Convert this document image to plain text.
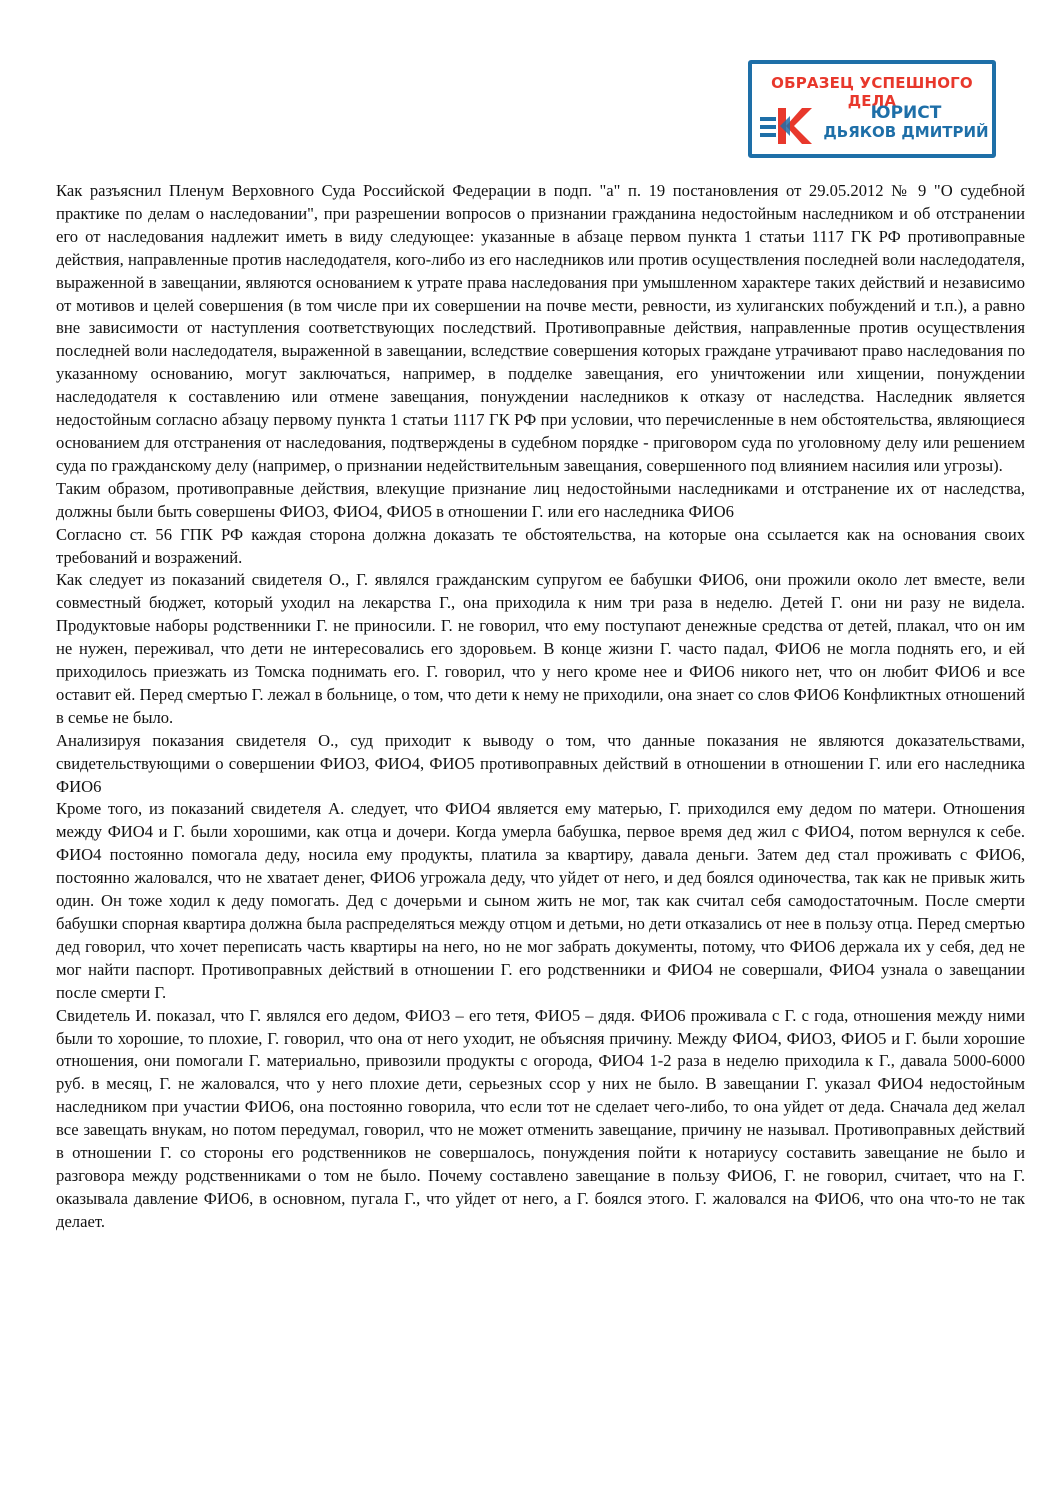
ОБРАЗЕЦ УСПЕШНОГО ДЕЛА
ЮРИСТ
ДЬЯКОВ ДМИТРИЙ

Как разъяснил Пленум Верховного Суда Российской Федерации в подп. "а" п. 19 постановления от 29.05.2012 № 9 "О судебной практике по делам о наследовании", при разрешении вопросов о признании гражданина недостойным наследником и об отстранении его от наследования надлежит иметь в виду следующее: указанные в абзаце первом пункта 1 статьи 1117 ГК РФ противоправные действия, направленные против наследодателя, кого-либо из его наследников или против осуществления последней воли наследодателя, выраженной в завещании, являются основанием к утрате права наследования при умышленном характере таких действий и независимо от мотивов и целей совершения (в том числе при их совершении на почве мести, ревности, из хулиганских побуждений и т.п.), а равно вне зависимости от наступления соответствующих последствий. Противоправные действия, направленные против осуществления последней воли наследодателя, выраженной в завещании, вследствие совершения которых граждане утрачивают право наследования по указанному основанию, могут заключаться, например, в подделке завещания, его уничтожении или хищении, понуждении наследодателя к составлению или отмене завещания, понуждении наследников к отказу от наследства. Наследник является недостойным согласно абзацу первому пункта 1 статьи 1117 ГК РФ при условии, что перечисленные в нем обстоятельства, являющиеся основанием для отстранения от наследования, подтверждены в судебном порядке - приговором суда по уголовному делу или решением суда по гражданскому делу (например, о признании недействительным завещания, совершенного под влиянием насилия или угрозы).

Таким образом, противоправные действия, влекущие признание лиц недостойными наследниками и отстранение их от наследства, должны были быть совершены ФИО3, ФИО4, ФИО5 в отношении Г. или его наследника ФИО6

Согласно ст. 56 ГПК РФ каждая сторона должна доказать те обстоятельства, на которые она ссылается как на основания своих требований и возражений.

Как следует из показаний свидетеля О., Г. являлся гражданским супругом ее бабушки ФИО6, они прожили около лет вместе, вели совместный бюджет, который уходил на лекарства Г., она приходила к ним три раза в неделю. Детей Г. они ни разу не видела. Продуктовые наборы родственники Г. не приносили. Г. не говорил, что ему поступают денежные средства от детей, плакал, что он им не нужен, переживал, что дети не интересовались его здоровьем. В конце жизни Г. часто падал, ФИО6 не могла поднять его, и ей приходилось приезжать из Томска поднимать его. Г. говорил, что у него кроме нее и ФИО6 никого нет, что он любит ФИО6 и все оставит ей. Перед смертью Г. лежал в больнице, о том, что дети к нему не приходили, она знает со слов ФИО6 Конфликтных отношений в семье не было.

Анализируя показания свидетеля О., суд приходит к выводу о том, что данные показания не являются доказательствами, свидетельствующими о совершении ФИО3, ФИО4, ФИО5 противоправных действий в отношении в отношении Г. или его наследника ФИО6

Кроме того, из показаний свидетеля А. следует, что ФИО4 является ему матерью, Г. приходился ему дедом по матери. Отношения между ФИО4 и Г. были хорошими, как отца и дочери. Когда умерла бабушка, первое время дед жил с ФИО4, потом вернулся к себе. ФИО4 постоянно помогала деду, носила ему продукты, платила за квартиру, давала деньги. Затем дед стал проживать с ФИО6, постоянно жаловался, что не хватает денег, ФИО6 угрожала деду, что уйдет от него, и дед боялся одиночества, так как не привык жить один. Он тоже ходил к деду помогать. Дед с дочерьми и сыном жить не мог, так как считал себя самодостаточным. После смерти бабушки спорная квартира должна была распределяться между отцом и детьми, но дети отказались от нее в пользу отца. Перед смертью дед говорил, что хочет переписать часть квартиры на него, но не мог забрать документы, потому, что ФИО6 держала их у себя, дед не мог найти паспорт. Противоправных действий в отношении Г. его родственники и ФИО4 не совершали, ФИО4 узнала о завещании после смерти Г.

Свидетель И. показал, что Г. являлся его дедом, ФИО3 – его тетя, ФИО5 – дядя. ФИО6 проживала с Г. с года, отношения между ними были то хорошие, то плохие, Г. говорил, что она от него уходит, не объясняя причину. Между ФИО4, ФИО3, ФИО5 и Г. были хорошие отношения, они помогали Г. материально, привозили продукты с огорода, ФИО4 1-2 раза в неделю приходила к Г., давала 5000-6000 руб. в месяц, Г. не жаловался, что у него плохие дети, серьезных ссор у них не было. В завещании Г. указал ФИО4 недостойным наследником при участии ФИО6, она постоянно говорила, что если тот не сделает чего-либо, то она уйдет от деда. Сначала дед желал все завещать внукам, но потом передумал, говорил, что не может отменить завещание, причину не называл. Противоправных действий в отношении Г. со стороны его родственников не совершалось, понуждения пойти к нотариусу составить завещание не было и разговора между родственниками о том не было. Почему составлено завещание в пользу ФИО6, Г. не говорил, считает, что на Г. оказывала давление ФИО6, в основном, пугала Г., что уйдет от него, а Г. боялся этого. Г. жаловался на ФИО6, что она что-то не так делает.
